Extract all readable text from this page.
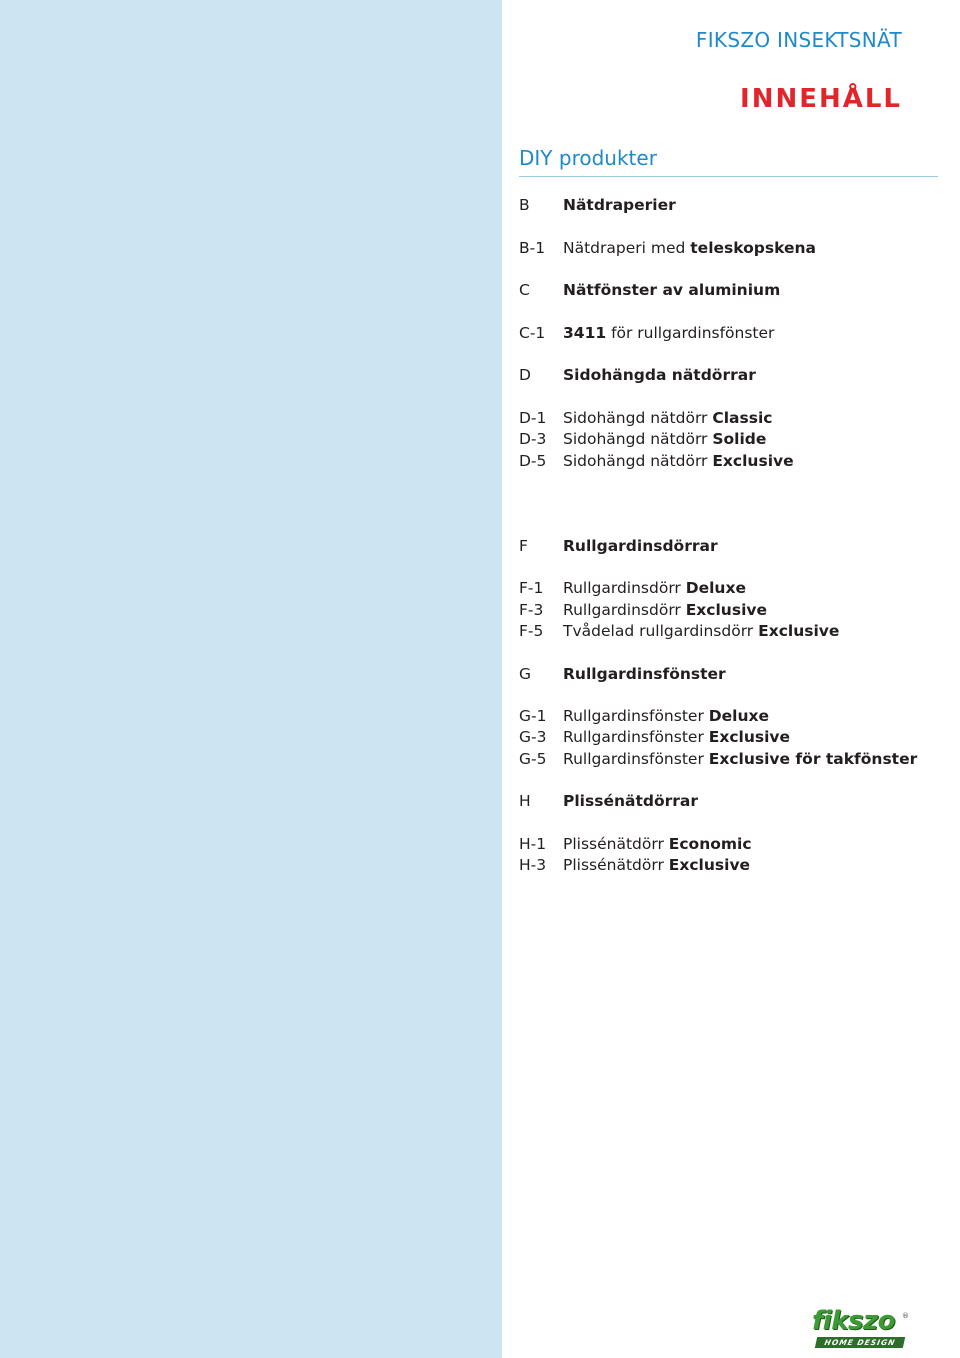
FIKSZO INSEKTSNÄT
INNEHÅLL
DIY produkter
B	Nätdraperier
B-1	Nätdraperi med teleskopskena
C	Nätfönster av aluminium
C-1	3411 för rullgardinsfönster
D	Sidohängda nätdörrar
D-1	Sidohängd nätdörr Classic
D-3	Sidohängd nätdörr Solide
D-5	Sidohängd nätdörr Exclusive
F	Rullgardinsdörrar
F-1	Rullgardinsdörr Deluxe
F-3	Rullgardinsdörr Exclusive
F-5	Tvådelad rullgardinsdörr Exclusive
G	Rullgardinsfönster
G-1	Rullgardinsfönster Deluxe
G-3	Rullgardinsfönster Exclusive
G-5	Rullgardinsfönster Exclusive för takfönster
H	Plissénätdörrar
H-1	Plissénätdörr Economic
H-3	Plissénätdörr Exclusive
fikszo ®
HOME DESIGN
